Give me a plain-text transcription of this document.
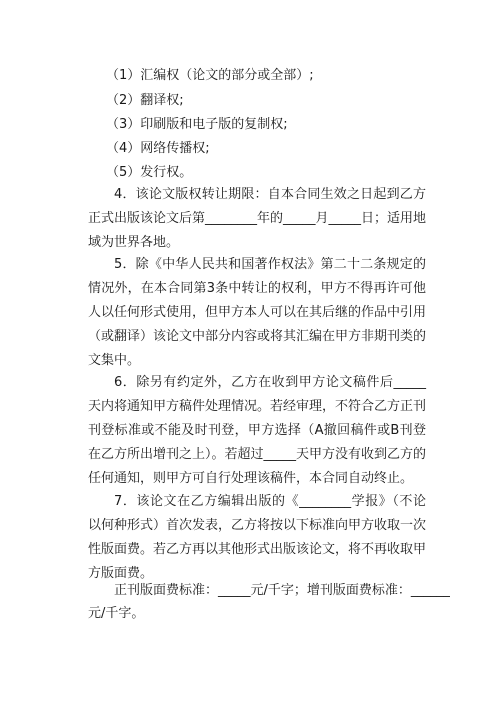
（1）汇编权（论文的部分或全部）;
（2）翻译权;
（3）印刷版和电子版的复制权;
（4）网络传播权;
（5）发行权。
4．该论文版权转让期限：自本合同生效之日起到乙方正式出版该论文后第________年的_____月_____日；适用地域为世界各地。
5．除《中华人民共和国著作权法》第二十二条规定的情况外，在本合同第3条中转让的权利，甲方不得再许可他人以任何形式使用，但甲方本人可以在其后继的作品中引用（或翻译）该论文中部分内容或将其汇编在甲方非期刊类的文集中。
6．除另有约定外，乙方在收到甲方论文稿件后_____天内将通知甲方稿件处理情况。若经审理，不符合乙方正刊刊登标准或不能及时刊登，甲方选择（A撤回稿件或B刊登在乙方所出增刊之上）。若超过_____天甲方没有收到乙方的任何通知，则甲方可自行处理该稿件，本合同自动终止。
7．该论文在乙方编辑出版的《________学报》（不论以何种形式）首次发表，乙方将按以下标准向甲方收取一次性版面费。若乙方再以其他形式出版该论文，将不再收取甲方版面费。
正刊版面费标准：_____元/千字；增刊版面费标准：______
元/千字。
